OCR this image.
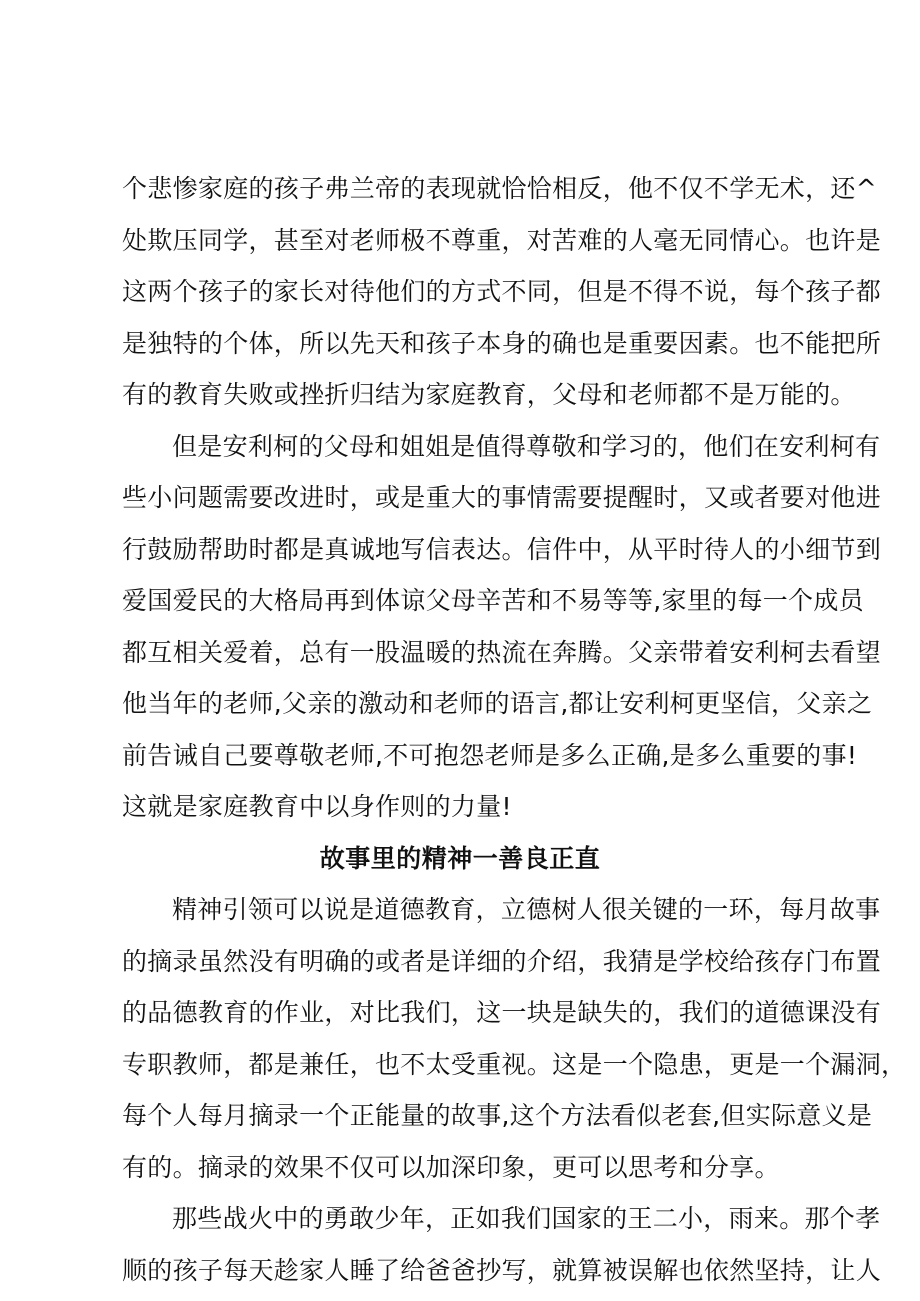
个悲惨家庭的孩子弗兰帝的表现就恰恰相反，他不仅不学无术，还^
处欺压同学，甚至对老师极不尊重，对苦难的人毫无同情心。也许是
这两个孩子的家长对待他们的方式不同，但是不得不说，每个孩子都
是独特的个体，所以先天和孩子本身的确也是重要因素。也不能把所
有的教育失败或挫折归结为家庭教育，父母和老师都不是万能的。
但是安利柯的父母和姐姐是值得尊敬和学习的，他们在安利柯有
些小问题需要改进时，或是重大的事情需要提醒时，又或者要对他进
行鼓励帮助时都是真诚地写信表达。信件中，从平时待人的小细节到
爱国爱民的大格局再到体谅父母辛苦和不易等等,家里的每一个成员
都互相关爱着，总有一股温暖的热流在奔腾。父亲带着安利柯去看望
他当年的老师,父亲的激动和老师的语言,都让安利柯更坚信，父亲之
前告诫自己要尊敬老师,不可抱怨老师是多么正确,是多么重要的事!
这就是家庭教育中以身作则的力量!
故事里的精神一善良正直
精神引领可以说是道德教育，立德树人很关键的一环，每月故事
的摘录虽然没有明确的或者是详细的介绍，我猜是学校给孩存门布置
的品德教育的作业，对比我们，这一块是缺失的，我们的道德课没有
专职教师，都是兼任，也不太受重视。这是一个隐患，更是一个漏洞，
每个人每月摘录一个正能量的故事,这个方法看似老套,但实际意义是
有的。摘录的效果不仅可以加深印象，更可以思考和分享。
那些战火中的勇敢少年，正如我们国家的王二小，雨来。那个孝
顺的孩子每天趁家人睡了给爸爸抄写，就算被误解也依然坚持，让人
